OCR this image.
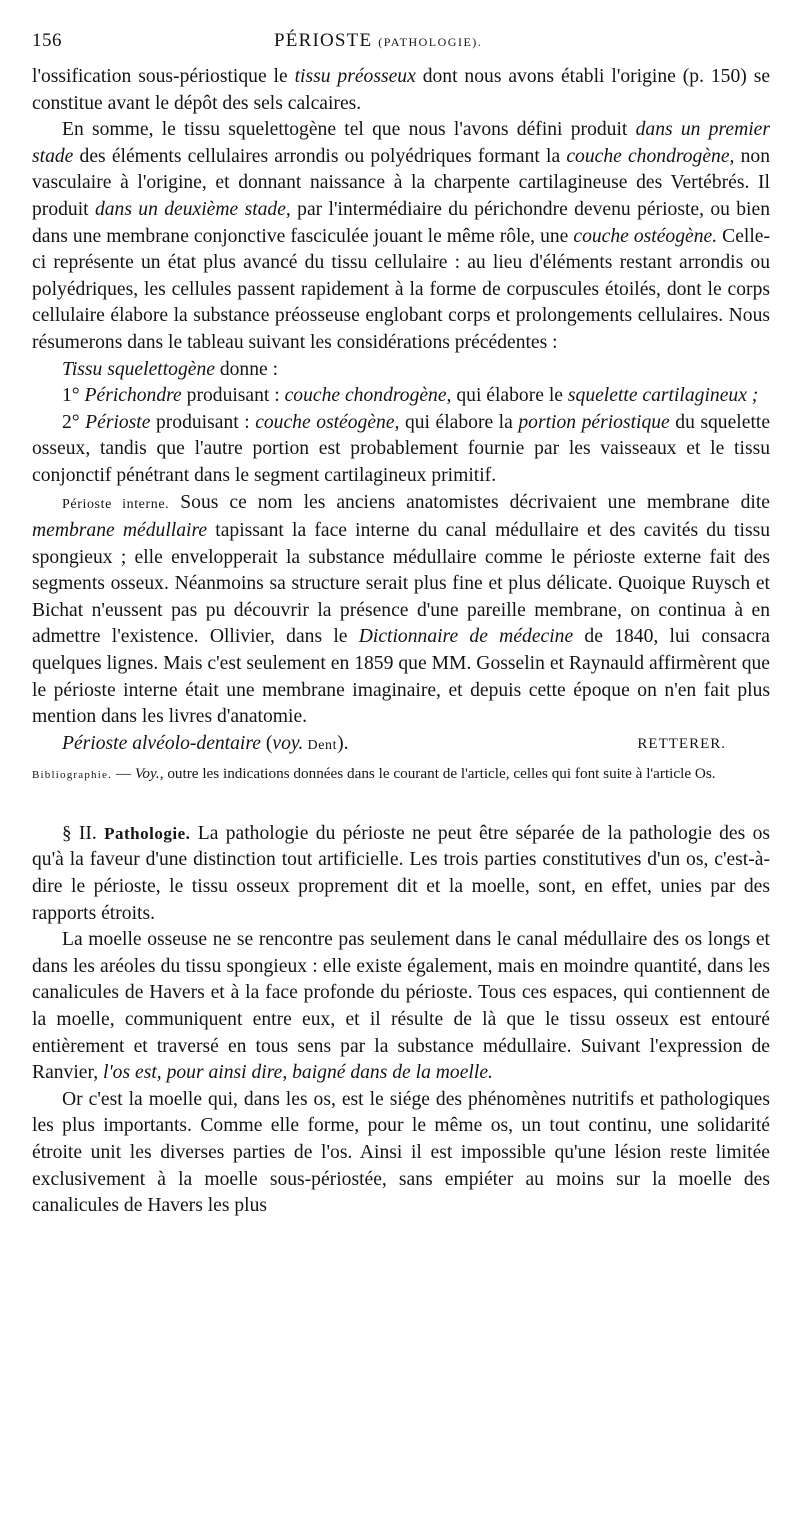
156	PÉRIOSTE (PATHOLOGIE).

l'ossification sous-périostique le tissu préosseux dont nous avons établi l'origine (p. 150) se constitue avant le dépôt des sels calcaires.

En somme, le tissu squelettogène tel que nous l'avons défini produit dans un premier stade des éléments cellulaires arrondis ou polyédriques formant la couche chondrogène, non vasculaire à l'origine, et donnant naissance à la charpente cartilagineuse des Vertébrés. Il produit dans un deuxième stade, par l'intermédiaire du périchondre devenu périoste, ou bien dans une membrane conjonctive fasciculée jouant le même rôle, une couche ostéogène. Celle-ci représente un état plus avancé du tissu cellulaire : au lieu d'éléments restant arrondis ou polyédriques, les cellules passent rapidement à la forme de corpuscules étoilés, dont le corps cellulaire élabore la substance préosseuse englobant corps et prolongements cellulaires. Nous résumerons dans le tableau suivant les considérations précédentes :

Tissu squelettogène donne :

1° Périchondre produisant : couche chondrogène, qui élabore le squelette cartilagineux ;

2° Périoste produisant : couche ostéogène, qui élabore la portion périostique du squelette osseux, tandis que l'autre portion est probablement fournie par les vaisseaux et le tissu conjonctif pénétrant dans le segment cartilagineux primitif.

Périoste interne. Sous ce nom les anciens anatomistes décrivaient une membrane dite membrane médullaire tapissant la face interne du canal médullaire et des cavités du tissu spongieux ; elle envelopperait la substance médullaire comme le périoste externe fait des segments osseux. Néanmoins sa structure serait plus fine et plus délicate. Quoique Ruysch et Bichat n'eussent pas pu découvrir la présence d'une pareille membrane, on continua à en admettre l'existence. Ollivier, dans le Dictionnaire de médecine de 1840, lui consacra quelques lignes. Mais c'est seulement en 1859 que MM. Gosselin et Raynauld affirmèrent que le périoste interne était une membrane imaginaire, et depuis cette époque on n'en fait plus mention dans les livres d'anatomie.

Périoste alvéolo-dentaire (voy. Dent).	RETTERER.
Bibliographie. — Voy., outre les indications données dans le courant de l'article, celles qui font suite à l'article Os.

§ II. Pathologie. La pathologie du périoste ne peut être séparée de la pathologie des os qu'à la faveur d'une distinction tout artificielle. Les trois parties constitutives d'un os, c'est-à-dire le périoste, le tissu osseux proprement dit et la moelle, sont, en effet, unies par des rapports étroits.

La moelle osseuse ne se rencontre pas seulement dans le canal médullaire des os longs et dans les aréoles du tissu spongieux : elle existe également, mais en moindre quantité, dans les canalicules de Havers et à la face profonde du périoste. Tous ces espaces, qui contiennent de la moelle, communiquent entre eux, et il résulte de là que le tissu osseux est entouré entièrement et traversé en tous sens par la substance médullaire. Suivant l'expression de Ranvier, l'os est, pour ainsi dire, baigné dans de la moelle.

Or c'est la moelle qui, dans les os, est le siége des phénomènes nutritifs et pathologiques les plus importants. Comme elle forme, pour le même os, un tout continu, une solidarité étroite unit les diverses parties de l'os. Ainsi il est impossible qu'une lésion reste limitée exclusivement à la moelle sous-périostée, sans empiéter au moins sur la moelle des canalicules de Havers les plus
